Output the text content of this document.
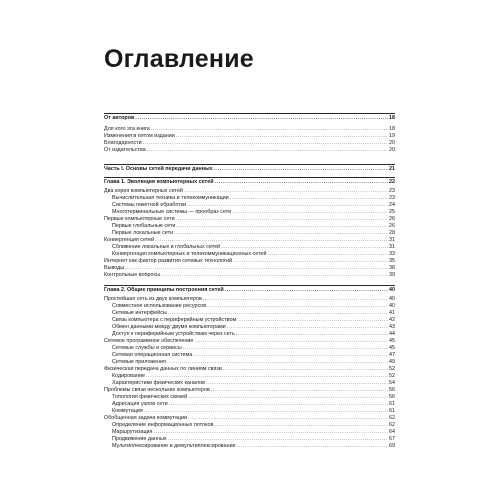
Оглавление
От авторов .....	18
Для кого эта книга .....	18
Изменения в пятом издании .....	19
Благодарности .....	20
От издательства .....	20
Часть I. Основы сетей передачи данных .....	21
Глава 1. Эволюция компьютерных сетей .....	22
Два корня компьютерных сетей .....	23
Вычислительная техника и телекоммуникации .....	23
Системы пакетной обработки .....	24
Многотерминальные системы — прообраз сети .....	25
Первые компьютерные сети .....	26
Первые глобальные сети .....	26
Первые локальные сети .....	28
Конвергенция сетей .....	31
Сближение локальных и глобальных сетей .....	31
Конвергенция компьютерных и телекоммуникационных сетей .....	33
Интернет как фактор развития сетевых технологий .....	35
Выводы .....	38
Контрольные вопросы .....	39
Глава 2. Общие принципы построения сетей .....	40
Простейшая сеть из двух компьютеров .....	40
Совместное использование ресурсов .....	40
Сетевые интерфейсы .....	41
Связь компьютера с периферийным устройством .....	42
Обмен данными между двумя компьютерами .....	43
Доступ к периферийным устройствам через сеть .....	44
Сетевое программное обеспечение .....	45
Сетевые службы и сервисы .....	45
Сетевая операционная система .....	47
Сетевые приложения .....	49
Физическая передача данных по линиям связи .....	52
Кодирование .....	52
Характеристики физических каналов .....	54
Проблемы связи нескольких компьютеров .....	56
Топология физических связей .....	56
Адресация узлов сети .....	61
Коммутация .....	61
Обобщенная задача коммутации .....	62
Определение информационных потоков .....	62
Маршрутизация .....	64
Продвижение данных .....	67
Мультиплексирование и демультиплексирование .....	69
